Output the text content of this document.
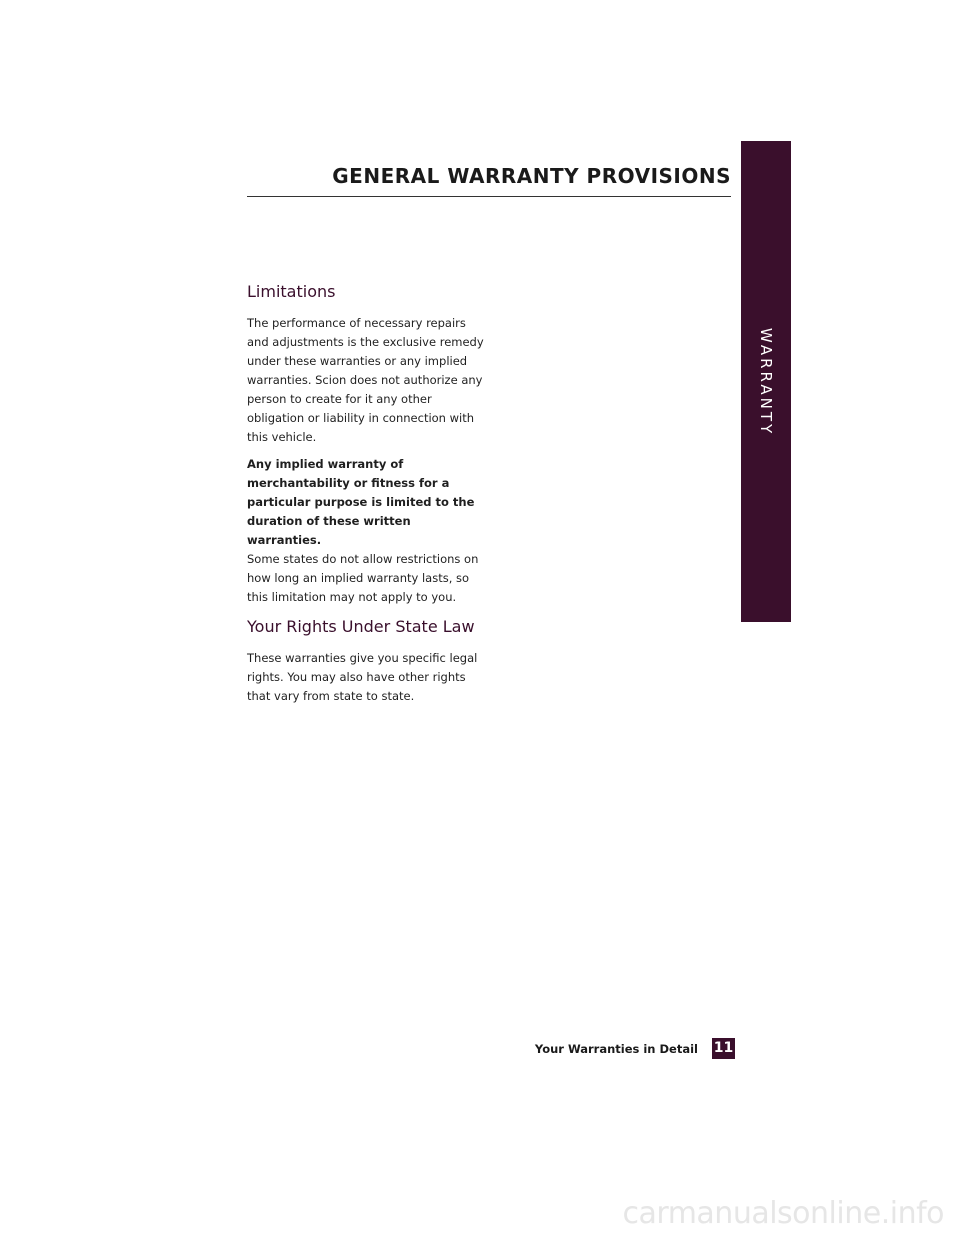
GENERAL WARRANTY PROVISIONS
WARRANTY
Limitations

The performance of necessary repairs and adjustments is the exclusive remedy under these warranties or any implied warranties. Scion does not authorize any person to create for it any other obligation or liability in connection with this vehicle.

Any implied warranty of merchantability or fitness for a particular purpose is limited to the duration of these written warranties.

Some states do not allow restrictions on how long an implied warranty lasts, so this limitation may not apply to you.

Your Rights Under State Law

These warranties give you specific legal rights. You may also have other rights that vary from state to state.

Your Warranties in Detail 11
carmanualsonline.info
